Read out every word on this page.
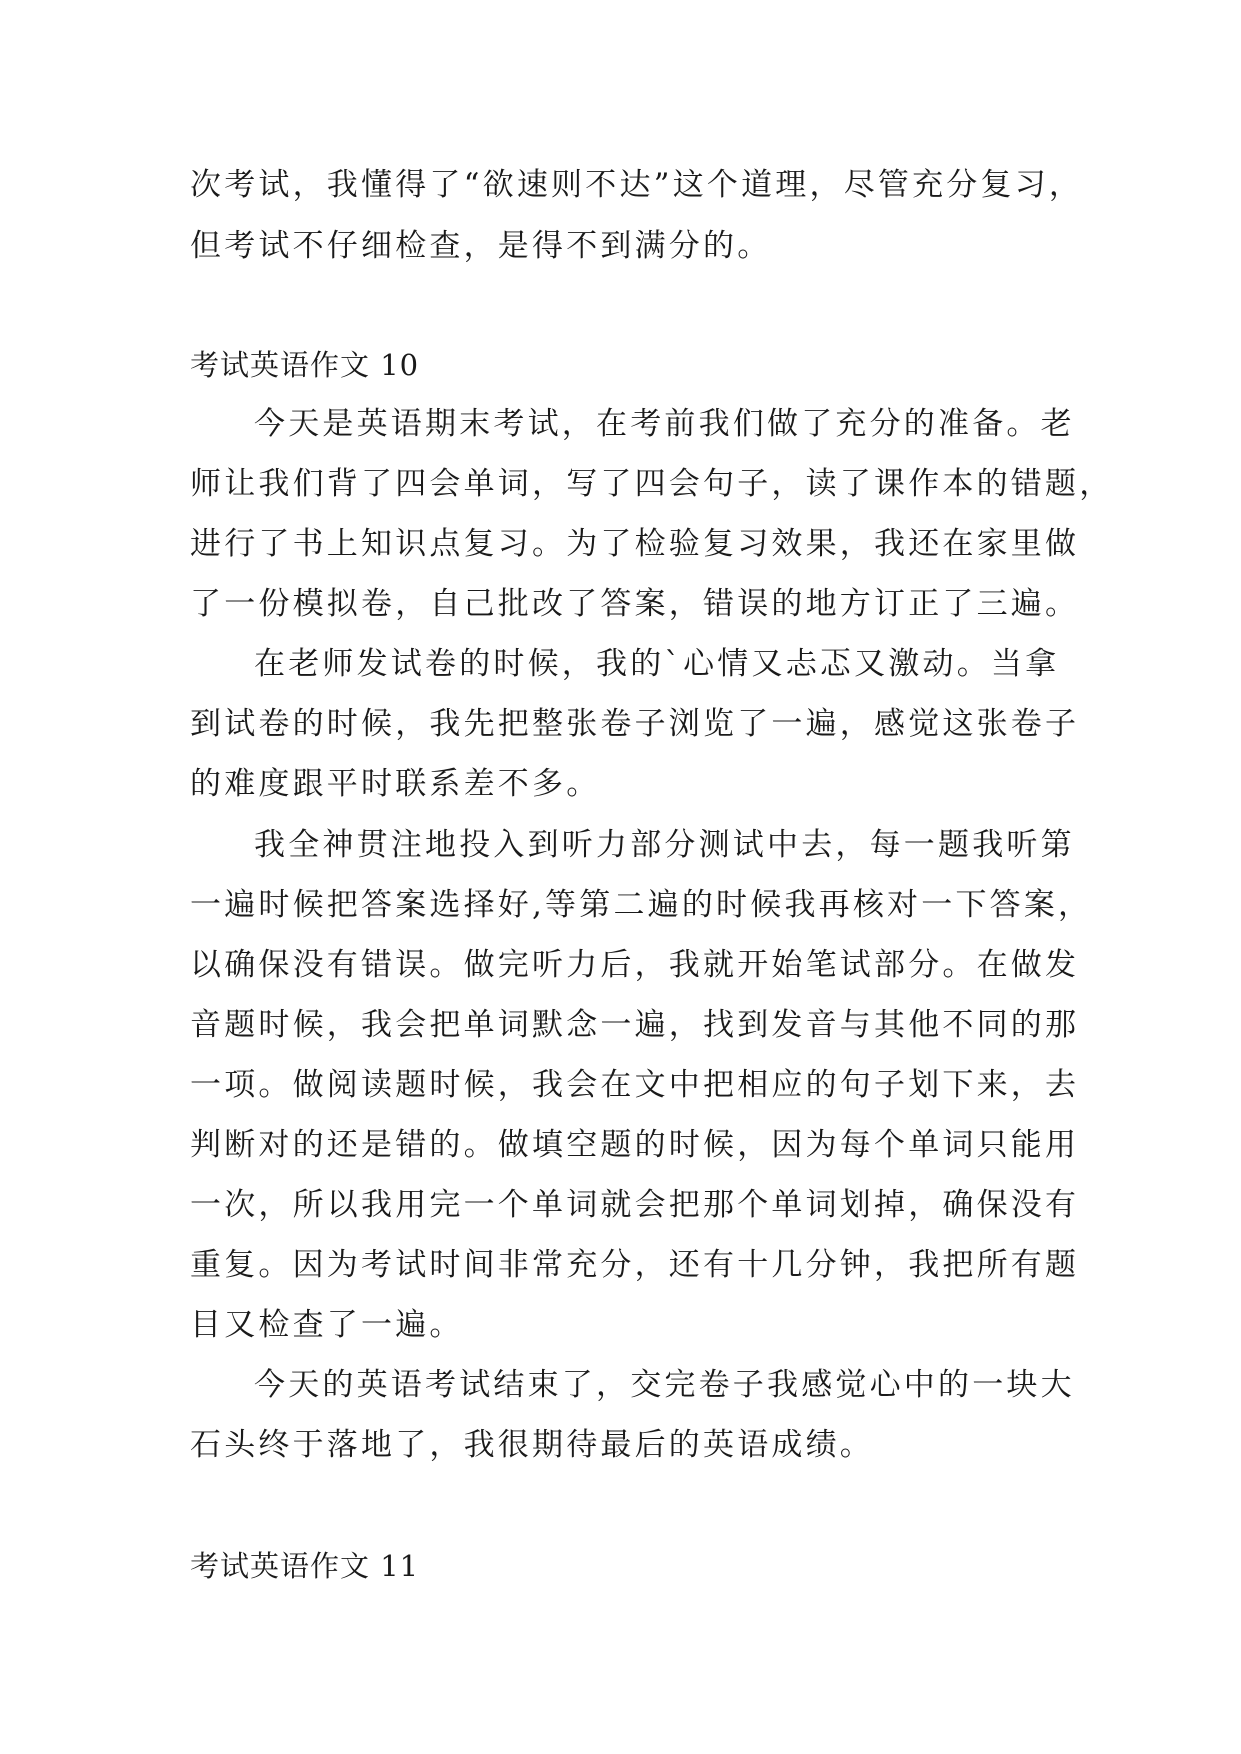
次考试，我懂得了“欲速则不达”这个道理，尽管充分复习，
但考试不仔细检查，是得不到满分的。
考试英语作文 10
今天是英语期末考试，在考前我们做了充分的准备。老
师让我们背了四会单词，写了四会句子，读了课作本的错题，
进行了书上知识点复习。为了检验复习效果，我还在家里做
了一份模拟卷，自己批改了答案，错误的地方订正了三遍。
在老师发试卷的时候，我的`心情又忐忑又激动。当拿
到试卷的时候，我先把整张卷子浏览了一遍，感觉这张卷子
的难度跟平时联系差不多。
我全神贯注地投入到听力部分测试中去，每一题我听第
一遍时候把答案选择好,等第二遍的时候我再核对一下答案，
以确保没有错误。做完听力后，我就开始笔试部分。在做发
音题时候，我会把单词默念一遍，找到发音与其他不同的那
一项。做阅读题时候，我会在文中把相应的句子划下来，去
判断对的还是错的。做填空题的时候，因为每个单词只能用
一次，所以我用完一个单词就会把那个单词划掉，确保没有
重复。因为考试时间非常充分，还有十几分钟，我把所有题
目又检查了一遍。
今天的英语考试结束了，交完卷子我感觉心中的一块大
石头终于落地了，我很期待最后的英语成绩。
考试英语作文 11
